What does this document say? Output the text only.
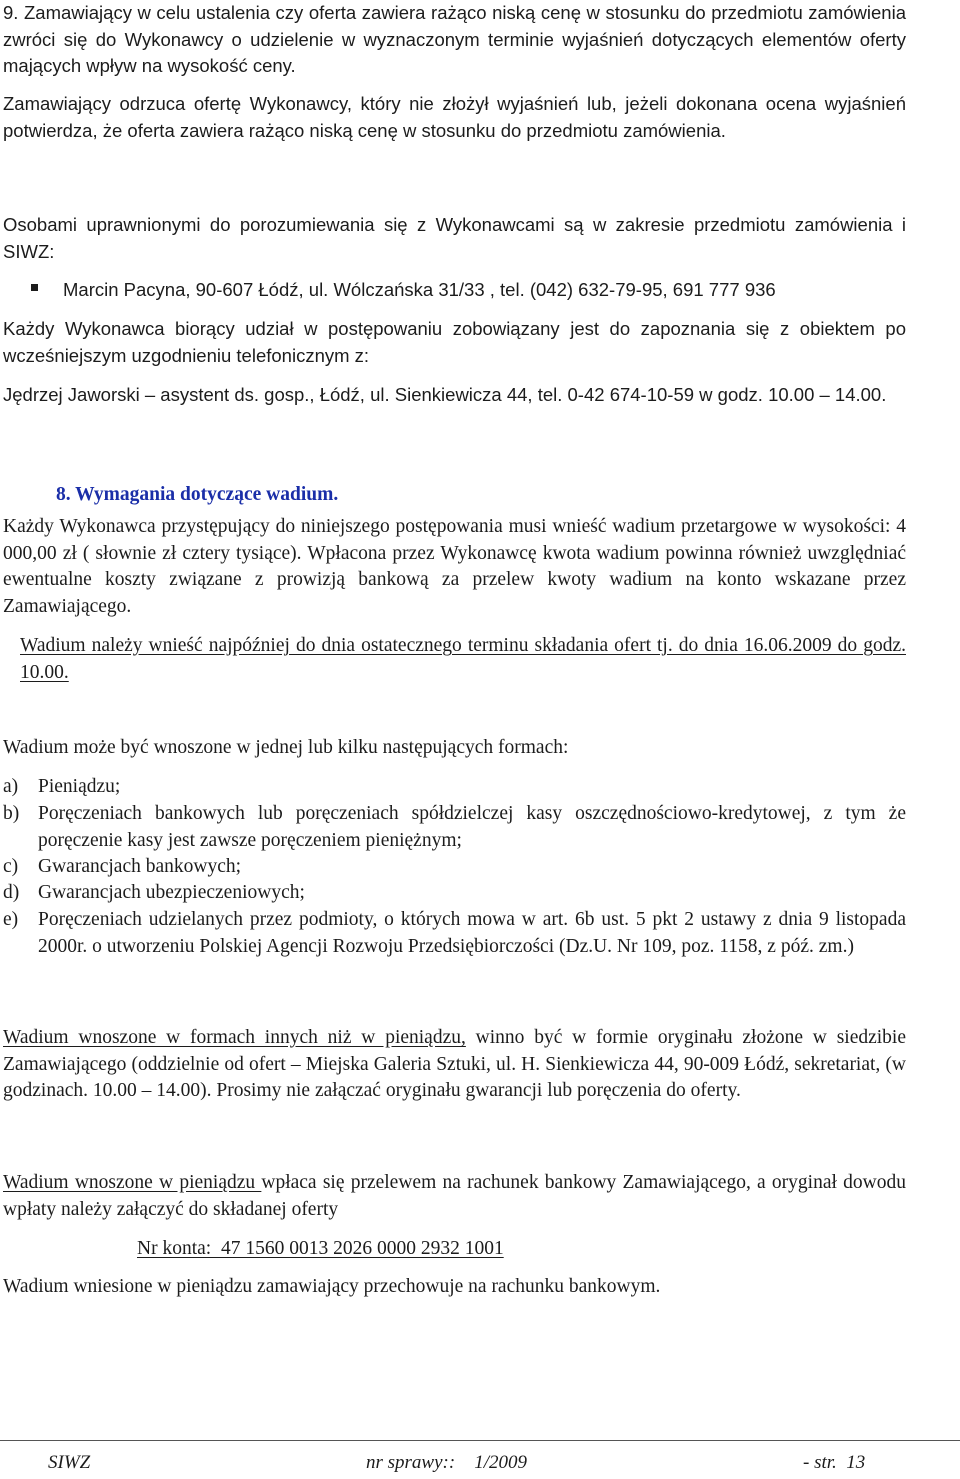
9. Zamawiający w celu ustalenia czy oferta zawiera rażąco niską cenę w stosunku do przedmiotu zamówienia zwróci się do Wykonawcy o udzielenie w wyznaczonym terminie wyjaśnień dotyczących elementów oferty mających wpływ na wysokość ceny.

Zamawiający odrzuca ofertę Wykonawcy, który nie złożył wyjaśnień lub, jeżeli dokonana ocena wyjaśnień potwierdza, że oferta zawiera rażąco niską cenę w stosunku do przedmiotu zamówienia.

Osobami uprawnionymi do porozumiewania się z Wykonawcami są w zakresie przedmiotu zamówienia i SIWZ:

Marcin Pacyna, 90-607 Łódź, ul. Wólczańska 31/33 , tel. (042) 632-79-95, 691 777 936

Każdy Wykonawca biorący udział w postępowaniu zobowiązany jest do zapoznania się z obiektem po wcześniejszym uzgodnieniu telefonicznym z:

Jędrzej Jaworski – asystent ds. gosp., Łódź, ul. Sienkiewicza 44, tel. 0-42 674-10-59 w godz. 10.00 – 14.00.

8. Wymagania dotyczące wadium.

Każdy Wykonawca przystępujący do niniejszego postępowania musi wnieść wadium przetargowe w wysokości: 4 000,00 zł ( słownie zł cztery tysiące). Wpłacona przez Wykonawcę kwota wadium powinna również uwzględniać ewentualne koszty związane z prowizją bankową za przelew kwoty wadium na konto wskazane przez Zamawiającego.

Wadium należy wnieść najpóźniej do dnia ostatecznego terminu składania ofert tj. do dnia 16.06.2009 do godz. 10.00.

Wadium może być wnoszone w jednej lub kilku następujących formach:

a) Pieniądzu;
b) Poręczeniach bankowych lub poręczeniach spółdzielczej kasy oszczędnościowo-kredytowej, z tym że poręczenie kasy jest zawsze poręczeniem pieniężnym;
c) Gwarancjach bankowych;
d) Gwarancjach ubezpieczeniowych;
e) Poręczeniach udzielanych przez podmioty, o których mowa w art. 6b ust. 5 pkt 2 ustawy z dnia 9 listopada 2000r. o utworzeniu Polskiej Agencji Rozwoju Przedsiębiorczości (Dz.U. Nr 109, poz. 1158, z póź. zm.)

Wadium wnoszone w formach innych niż w pieniądzu, winno być w formie oryginału złożone w siedzibie Zamawiającego (oddzielnie od ofert – Miejska Galeria Sztuki, ul. H. Sienkiewicza 44, 90-009 Łódź, sekretariat, (w godzinach. 10.00 – 14.00). Prosimy nie załączać oryginału gwarancji lub poręczenia do oferty.

Wadium wnoszone w pieniądzu wpłaca się przelewem na rachunek bankowy Zamawiającego, a oryginał dowodu wpłaty należy załączyć do składanej oferty

Nr konta:  47 1560 0013 2026 0000 2932 1001

Wadium wniesione w pieniądzu zamawiający przechowuje na rachunku bankowym.

SIWZ	nr sprawy::    1/2009	- str.  13
